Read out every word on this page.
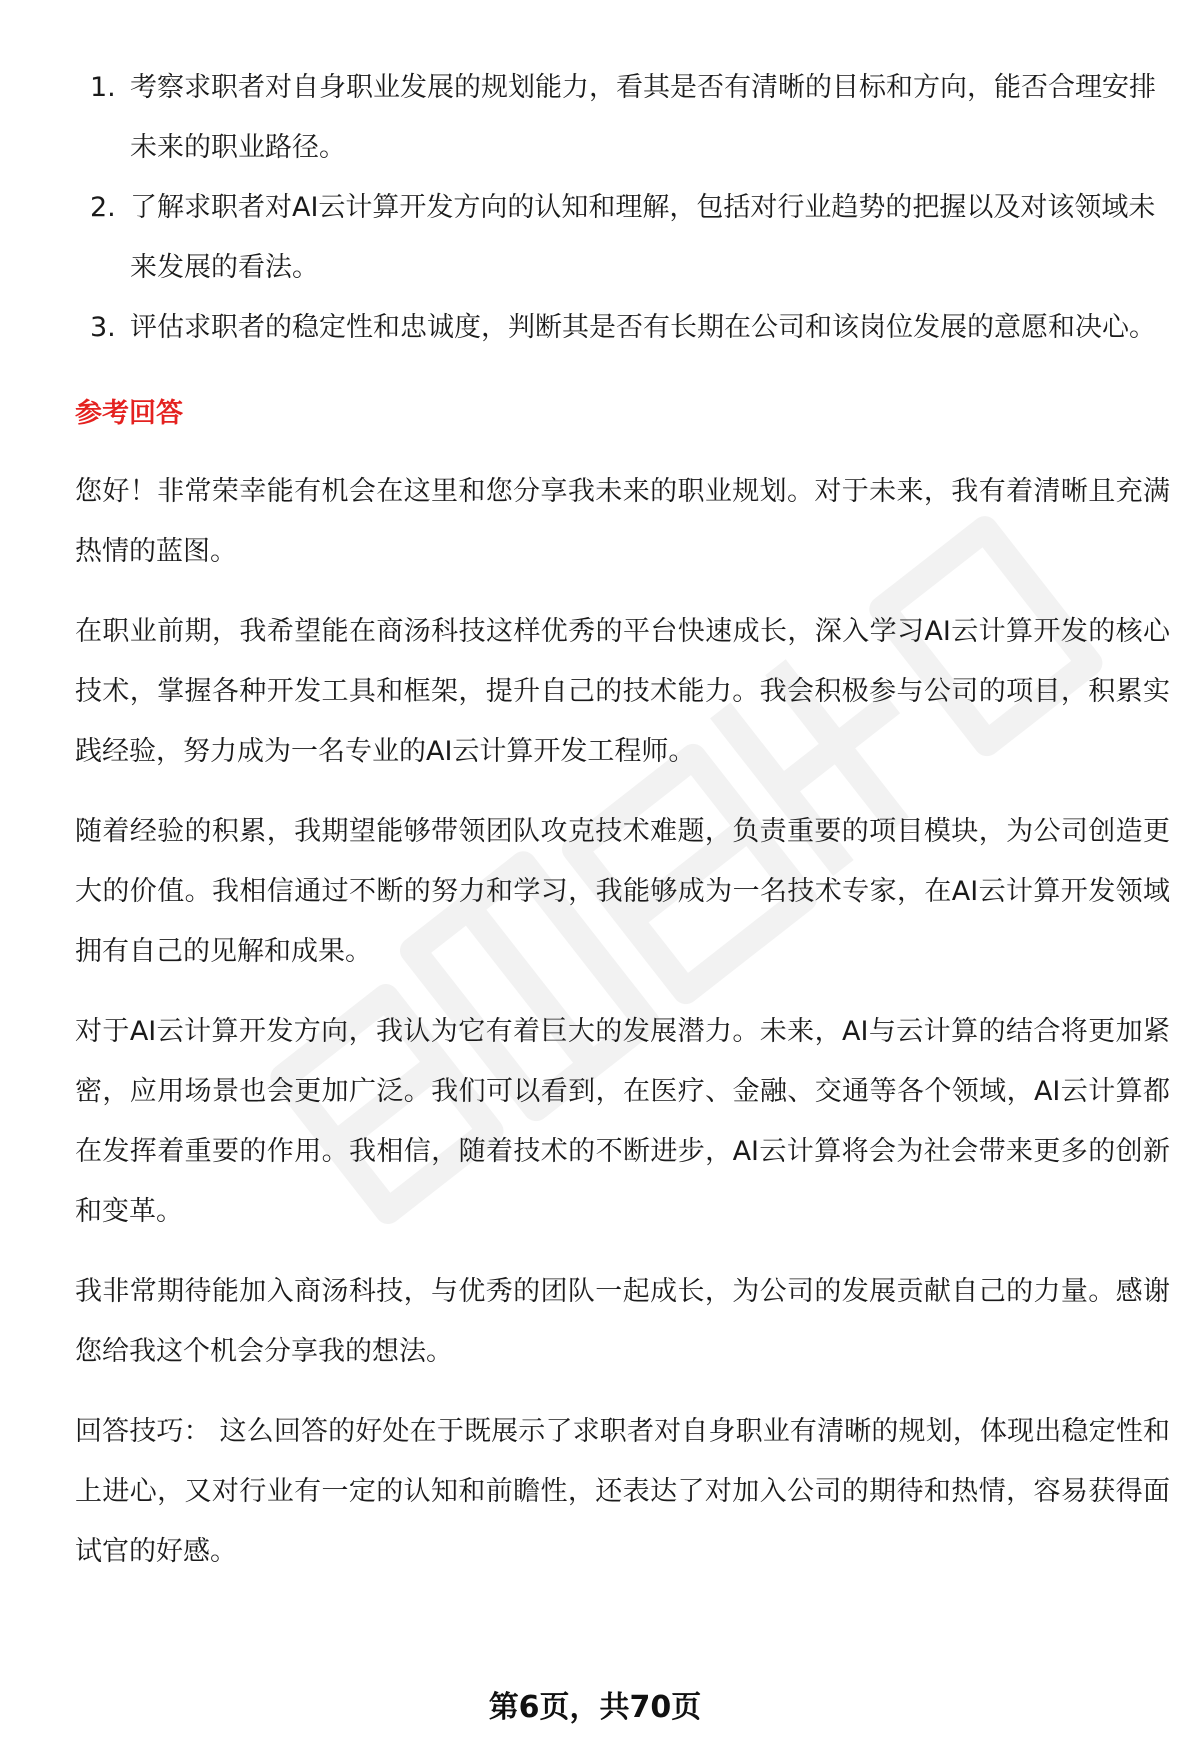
1. 考察求职者对自身职业发展的规划能力，看其是否有清晰的目标和方向，能否合理安排未来的职业路径。
2. 了解求职者对AI云计算开发方向的认知和理解，包括对行业趋势的把握以及对该领域未来发展的看法。
3. 评估求职者的稳定性和忠诚度，判断其是否有长期在公司和该岗位发展的意愿和决心。
参考回答

您好！非常荣幸能有机会在这里和您分享我未来的职业规划。对于未来，我有着清晰且充满热情的蓝图。

在职业前期，我希望能在商汤科技这样优秀的平台快速成长，深入学习AI云计算开发的核心技术，掌握各种开发工具和框架，提升自己的技术能力。我会积极参与公司的项目，积累实践经验，努力成为一名专业的AI云计算开发工程师。

随着经验的积累，我期望能够带领团队攻克技术难题，负责重要的项目模块，为公司创造更大的价值。我相信通过不断的努力和学习，我能够成为一名技术专家，在AI云计算开发领域拥有自己的见解和成果。

对于AI云计算开发方向，我认为它有着巨大的发展潜力。未来，AI与云计算的结合将更加紧密，应用场景也会更加广泛。我们可以看到，在医疗、金融、交通等各个领域，AI云计算都在发挥着重要的作用。我相信，随着技术的不断进步，AI云计算将会为社会带来更多的创新和变革。

我非常期待能加入商汤科技，与优秀的团队一起成长，为公司的发展贡献自己的力量。感谢您给我这个机会分享我的想法。

回答技巧： 这么回答的好处在于既展示了求职者对自身职业有清晰的规划，体现出稳定性和上进心，又对行业有一定的认知和前瞻性，还表达了对加入公司的期待和热情，容易获得面试官的好感。

第6页，共70页
